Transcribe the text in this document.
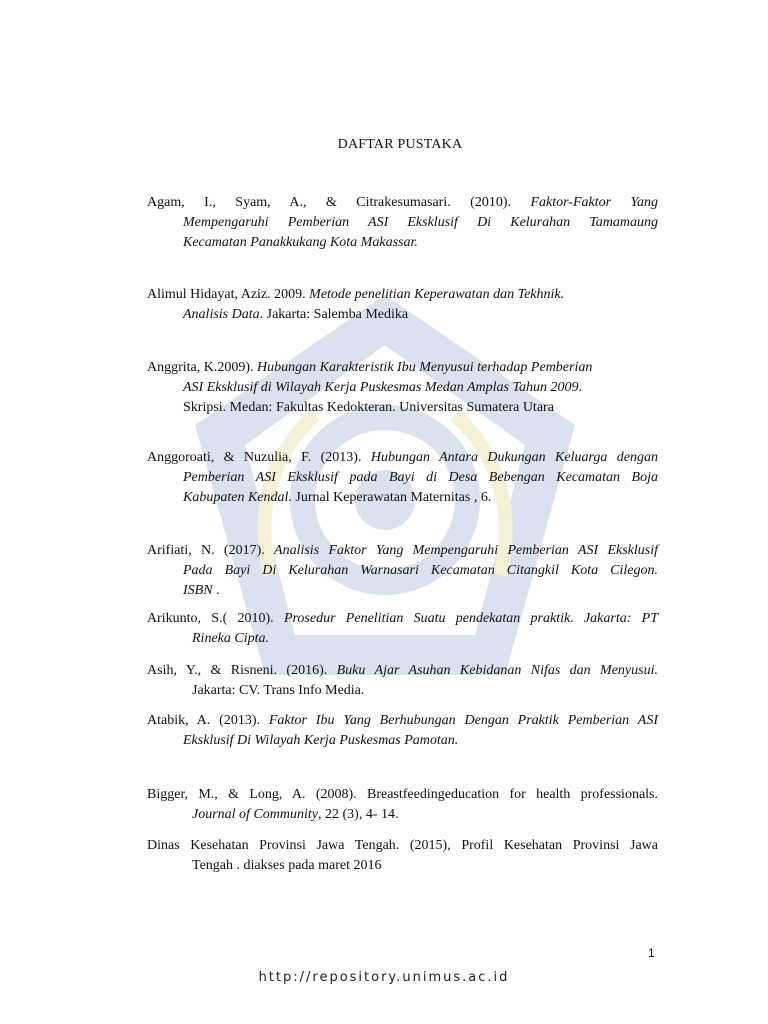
DAFTAR PUSTAKA
Agam, I., Syam, A., & Citrakesumasari. (2010). Faktor-Faktor Yang
Mempengaruhi Pemberian ASI Eksklusif Di Kelurahan Tamamaung
Kecamatan Panakkukang Kota Makassar.
Alimul Hidayat, Aziz. 2009. Metode penelitian Keperawatan dan Tekhnik.
Analisis Data. Jakarta: Salemba Medika
Anggrita, K.2009). Hubungan Karakteristik Ibu Menyusui terhadap Pemberian
ASI Eksklusif di Wilayah Kerja Puskesmas Medan Amplas Tahun 2009.
Skripsi. Medan: Fakultas Kedokteran. Universitas Sumatera Utara
Anggoroati, & Nuzulia, F. (2013). Hubungan Antara Dukungan Keluarga dengan
Pemberian ASI Eksklusif pada Bayi di Desa Bebengan Kecamatan Boja
Kabupaten Kendal. Jurnal Keperawatan Maternitas , 6.
Arifiati, N. (2017). Analisis Faktor Yang Mempengaruhi Pemberian ASI Eksklusif
Pada Bayi Di Kelurahan Warnasari Kecamatan Citangkil Kota Cilegon.
ISBN .
Arikunto, S.( 2010). Prosedur Penelitian Suatu pendekatan praktik. Jakarta: PT
Rineka Cipta.
Asih, Y., & Risneni. (2016). Buku Ajar Asuhan Kebidanan Nifas dan Menyusui.
Jakarta: CV. Trans Info Media.
Atabik, A. (2013). Faktor Ibu Yang Berhubungan Dengan Praktik Pemberian ASI
Eksklusif Di Wilayah Kerja Puskesmas Pamotan.
Bigger, M., & Long, A. (2008). Breastfeedingeducation for health professionals.
Journal of Community, 22 (3), 4- 14.
Dinas Kesehatan Provinsi Jawa Tengah. (2015), Profil Kesehatan Provinsi Jawa
Tengah . diakses pada maret 2016
1
http://repository.unimus.ac.id
